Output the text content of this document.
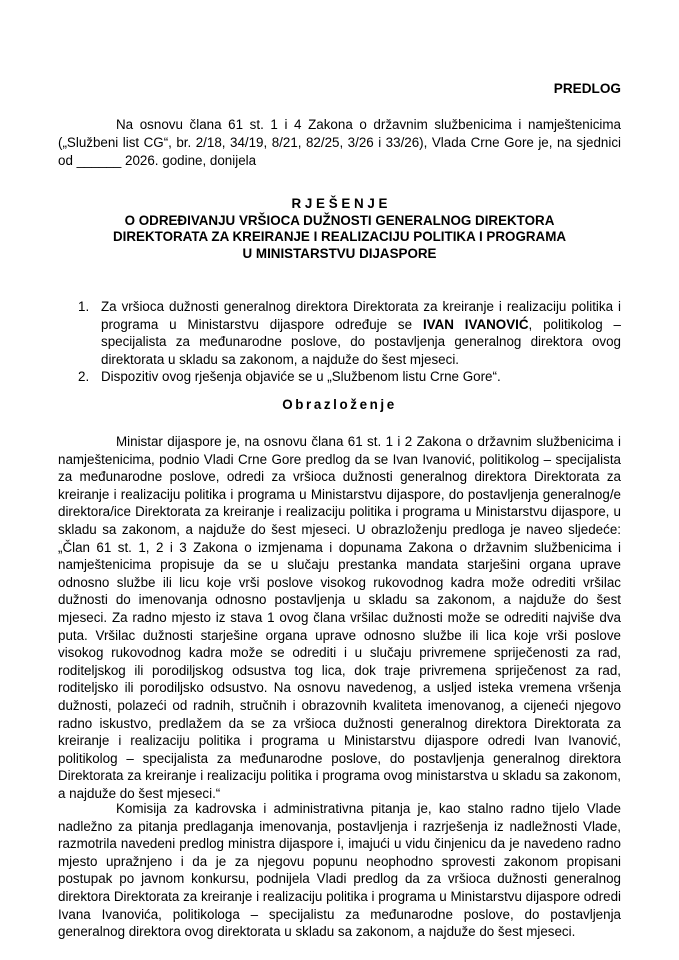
PREDLOG

Na osnovu člana 61 st. 1 i 4 Zakona o državnim službenicima i namještenicima („Službeni list CG“, br. 2/18, 34/19, 8/21, 82/25, 3/26 i 33/26), Vlada Crne Gore je, na sjednici od ______ 2026. godine, donijela

R J E Š E N J E
O ODREĐIVANJU VRŠIOCA DUŽNOSTI GENERALNOG DIREKTORA
DIREKTORATA ZA KREIRANJE I REALIZACIJU POLITIKA I PROGRAMA
U MINISTARSTVU DIJASPORE
1. Za vršioca dužnosti generalnog direktora Direktorata za kreiranje i realizaciju politika i programa u Ministarstvu dijaspore određuje se IVAN IVANOVIĆ, politikolog – specijalista za međunarodne poslove, do postavljenja generalnog direktora ovog direktorata u skladu sa zakonom, a najduže do šest mjeseci.
2. Dispozitiv ovog rješenja objaviće se u „Službenom listu Crne Gore“.
Obrazloženje

Ministar dijaspore je, na osnovu člana 61 st. 1 i 2 Zakona o državnim službenicima i namještenicima, podnio Vladi Crne Gore predlog da se Ivan Ivanović, politikolog – specijalista za međunarodne poslove, odredi za vršioca dužnosti generalnog direktora Direktorata za kreiranje i realizaciju politika i programa u Ministarstvu dijaspore, do postavljenja generalnog/e direktora/ice Direktorata za kreiranje i realizaciju politika i programa u Ministarstvu dijaspore, u skladu sa zakonom, a najduže do šest mjeseci. U obrazloženju predloga je naveo sljedeće: „Član 61 st. 1, 2 i 3 Zakona o izmjenama i dopunama Zakona o državnim službenicima i namještenicima propisuje da se u slučaju prestanka mandata starješini organa uprave odnosno službe ili licu koje vrši poslove visokog rukovodnog kadra može odrediti vršilac dužnosti do imenovanja odnosno postavljenja u skladu sa zakonom, a najduže do šest mjeseci. Za radno mjesto iz stava 1 ovog člana vršilac dužnosti može se odrediti najviše dva puta. Vršilac dužnosti starješine organa uprave odnosno službe ili lica koje vrši poslove visokog rukovodnog kadra može se odrediti i u slučaju privremene spriječenosti za rad, roditeljskog ili porodiljskog odsustva tog lica, dok traje privremena spriječenost za rad, roditeljsko ili porodiljsko odsustvo. Na osnovu navedenog, a usljed isteka vremena vršenja dužnosti, polazeći od radnih, stručnih i obrazovnih kvaliteta imenovanog, a cijeneći njegovo radno iskustvo, predlažem da se za vršioca dužnosti generalnog direktora Direktorata za kreiranje i realizaciju politika i programa u Ministarstvu dijaspore odredi Ivan Ivanović, politikolog – specijalista za međunarodne poslove, do postavljenja generalnog direktora Direktorata za kreiranje i realizaciju politika i programa ovog ministarstva u skladu sa zakonom, a najduže do šest mjeseci.“

Komisija za kadrovska i administrativna pitanja je, kao stalno radno tijelo Vlade nadležno za pitanja predlaganja imenovanja, postavljenja i razrješenja iz nadležnosti Vlade, razmotrila navedeni predlog ministra dijaspore i, imajući u vidu činjenicu da je navedeno radno mjesto upražnjeno i da je za njegovu popunu neophodno sprovesti zakonom propisani postupak po javnom konkursu, podnijela Vladi predlog da za vršioca dužnosti generalnog direktora Direktorata za kreiranje i realizaciju politika i programa u Ministarstvu dijaspore odredi Ivana Ivanovića, politikologa – specijalistu za međunarodne poslove, do postavljenja generalnog direktora ovog direktorata u skladu sa zakonom, a najduže do šest mjeseci.
